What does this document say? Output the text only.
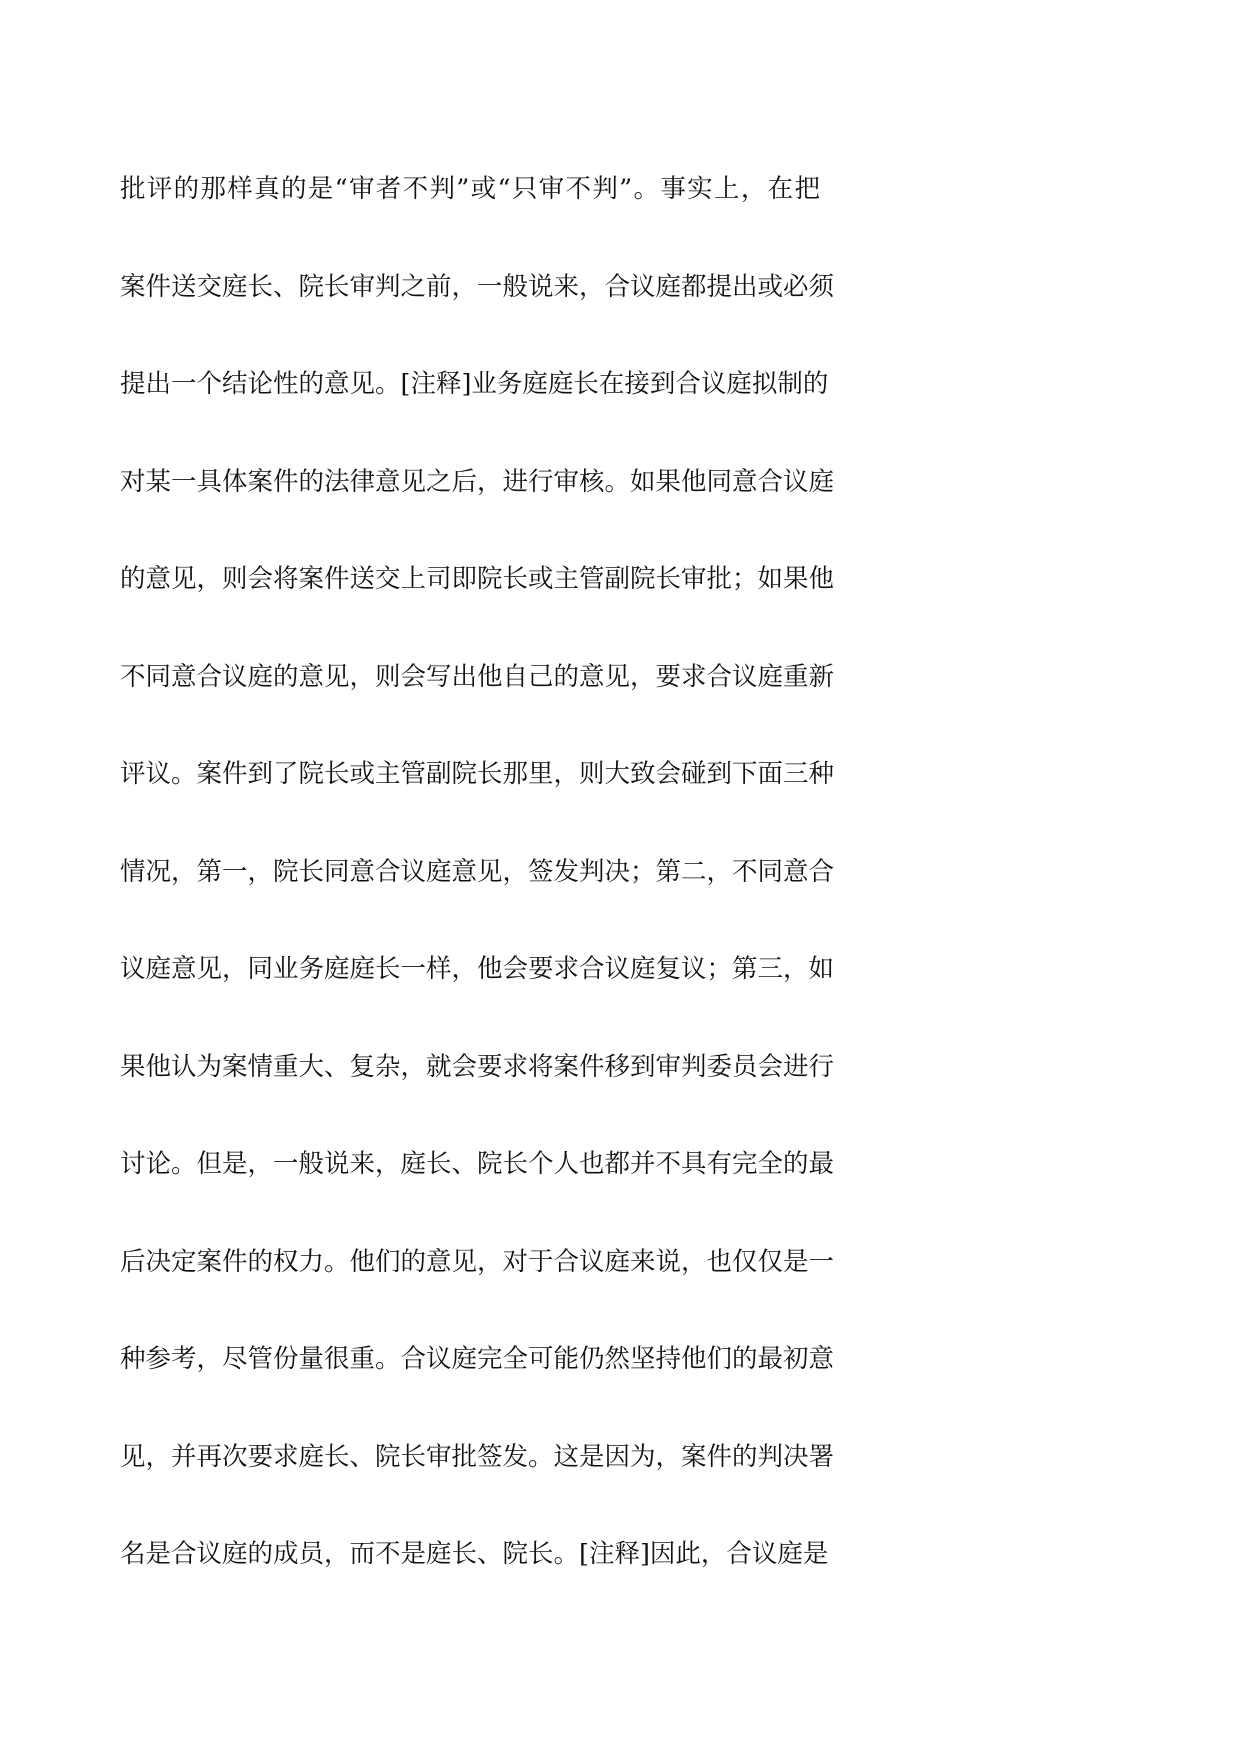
批评的那样真的是“审者不判”或“只审不判”。事实上，在把
案件送交庭长、院长审判之前，一般说来，合议庭都提出或必须
提出一个结论性的意见。[注释]业务庭庭长在接到合议庭拟制的
对某一具体案件的法律意见之后，进行审核。如果他同意合议庭
的意见，则会将案件送交上司即院长或主管副院长审批；如果他
不同意合议庭的意见，则会写出他自己的意见，要求合议庭重新
评议。案件到了院长或主管副院长那里，则大致会碰到下面三种
情况，第一，院长同意合议庭意见，签发判决；第二，不同意合
议庭意见，同业务庭庭长一样，他会要求合议庭复议；第三，如
果他认为案情重大、复杂，就会要求将案件移到审判委员会进行
讨论。但是，一般说来，庭长、院长个人也都并不具有完全的最
后决定案件的权力。他们的意见，对于合议庭来说，也仅仅是一
种参考，尽管份量很重。合议庭完全可能仍然坚持他们的最初意
见，并再次要求庭长、院长审批签发。这是因为，案件的判决署
名是合议庭的成员，而不是庭长、院长。[注释]因此，合议庭是
